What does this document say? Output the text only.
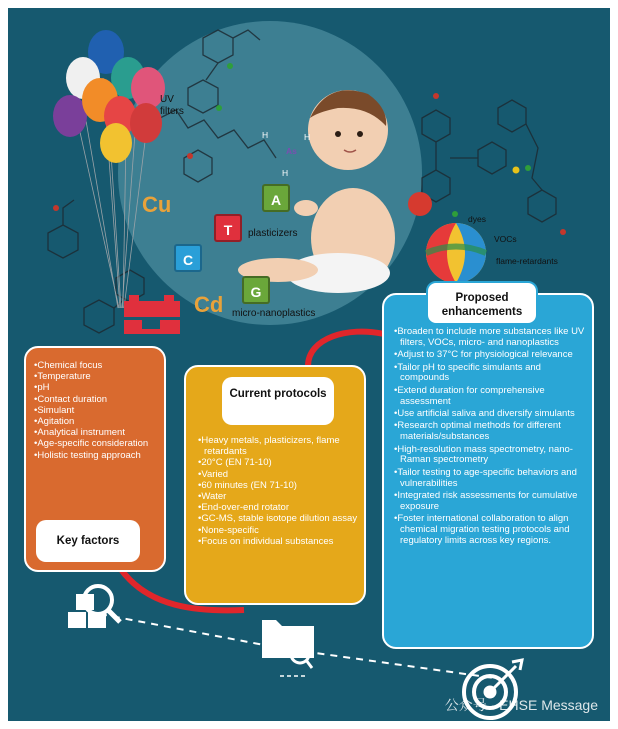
UV
filters
plasticizers
micro-nanoplastics
dyes
VOCs
flame-retardants
Cu
Cd
As
H	H
H
A
T
C
G
• Chemical focus
• Temperature
• pH
• Contact duration
• Simulant
• Agitation
• Analytical instrument
• Age-specific consideration
• Holistic testing approach
Key factors
Current protocols
• Heavy metals, plasticizers, flame retardants
• 20°C (EN 71-10)
• Varied
• 60 minutes (EN 71-10)
• Water
• End-over-end rotator
• GC-MS, stable isotope dilution assay
• None-specific
• Focus on individual substances
Proposed enhancements
• Broaden to include more substances like UV filters, VOCs, micro- and nanoplastics
• Adjust to 37°C for physiological relevance
• Tailor pH to specific simulants and compounds
• Extend duration for comprehensive assessment
• Use artificial saliva and diversify simulants
• Research optimal methods for different materials/substances
• High-resolution mass spectrometry, nano-Raman spectrometry
• Tailor testing to age-specific behaviors and vulnerabilities
• Integrated risk assessments for cumulative exposure
• Foster international collaboration to align chemical migration testing protocols and regulatory limits across key regions.
公众号 · EHSE Message
